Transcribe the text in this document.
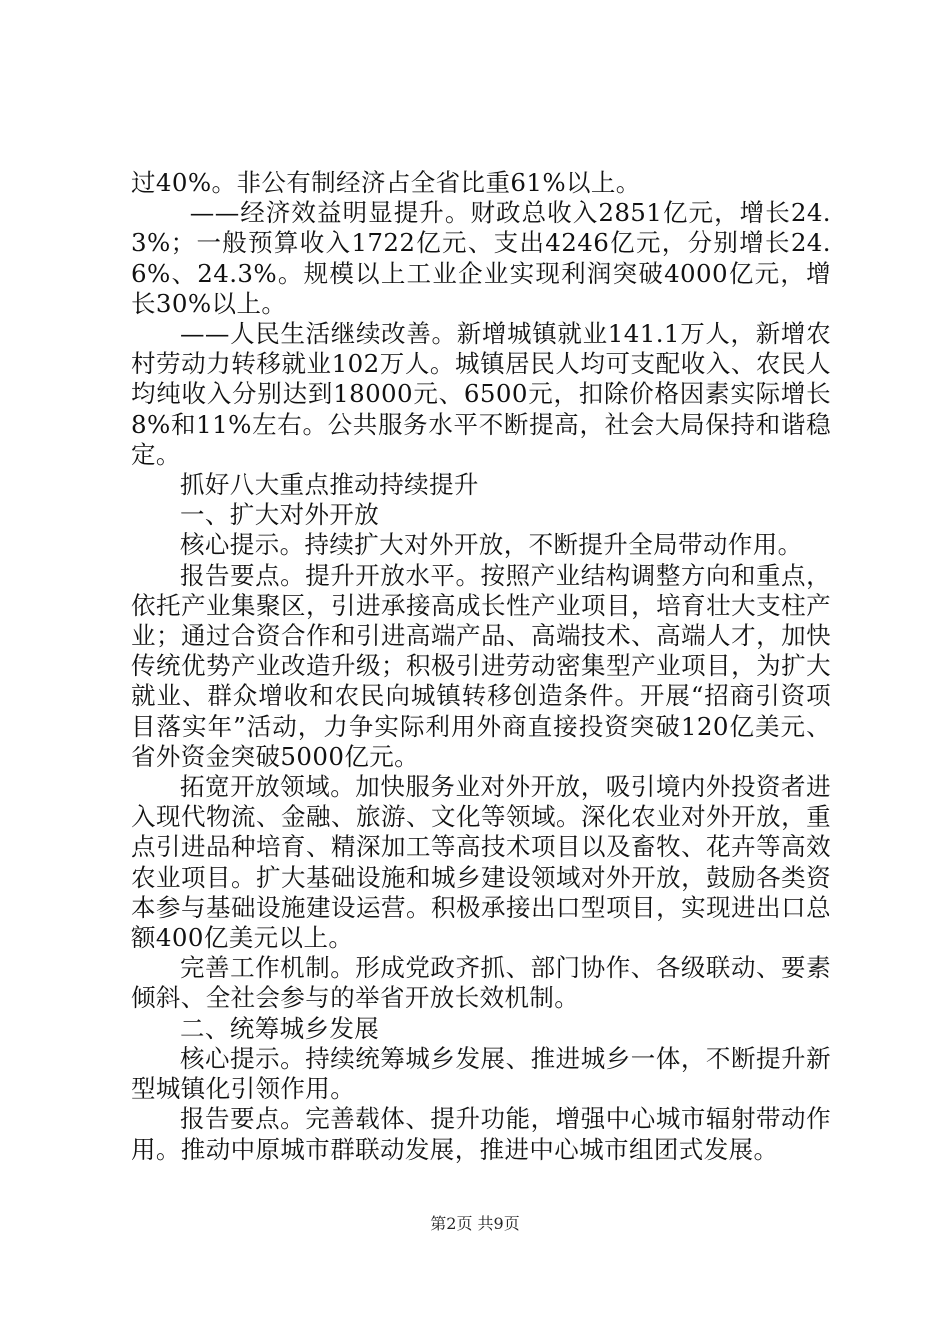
过40%。非公有制经济占全省比重61%以上。

——经济效益明显提升。财政总收入2851亿元，增长24.3%；一般预算收入1722亿元、支出4246亿元，分别增长24.6%、24.3%。规模以上工业企业实现利润突破4000亿元，增长30%以上。

——人民生活继续改善。新增城镇就业141.1万人，新增农村劳动力转移就业102万人。城镇居民人均可支配收入、农民人均纯收入分别达到18000元、6500元，扣除价格因素实际增长8%和11%左右。公共服务水平不断提高，社会大局保持和谐稳定。

抓好八大重点推动持续提升

一、扩大对外开放

核心提示。持续扩大对外开放，不断提升全局带动作用。

报告要点。提升开放水平。按照产业结构调整方向和重点，依托产业集聚区，引进承接高成长性产业项目，培育壮大支柱产业；通过合资合作和引进高端产品、高端技术、高端人才，加快传统优势产业改造升级；积极引进劳动密集型产业项目，为扩大就业、群众增收和农民向城镇转移创造条件。开展“招商引资项目落实年”活动，力争实际利用外商直接投资突破120亿美元、省外资金突破5000亿元。

拓宽开放领域。加快服务业对外开放，吸引境内外投资者进入现代物流、金融、旅游、文化等领域。深化农业对外开放，重点引进品种培育、精深加工等高技术项目以及畜牧、花卉等高效农业项目。扩大基础设施和城乡建设领域对外开放，鼓励各类资本参与基础设施建设运营。积极承接出口型项目，实现进出口总额400亿美元以上。

完善工作机制。形成党政齐抓、部门协作、各级联动、要素倾斜、全社会参与的举省开放长效机制。

二、统筹城乡发展

核心提示。持续统筹城乡发展、推进城乡一体，不断提升新型城镇化引领作用。

报告要点。完善载体、提升功能，增强中心城市辐射带动作用。推动中原城市群联动发展，推进中心城市组团式发展。

第2页 共9页
